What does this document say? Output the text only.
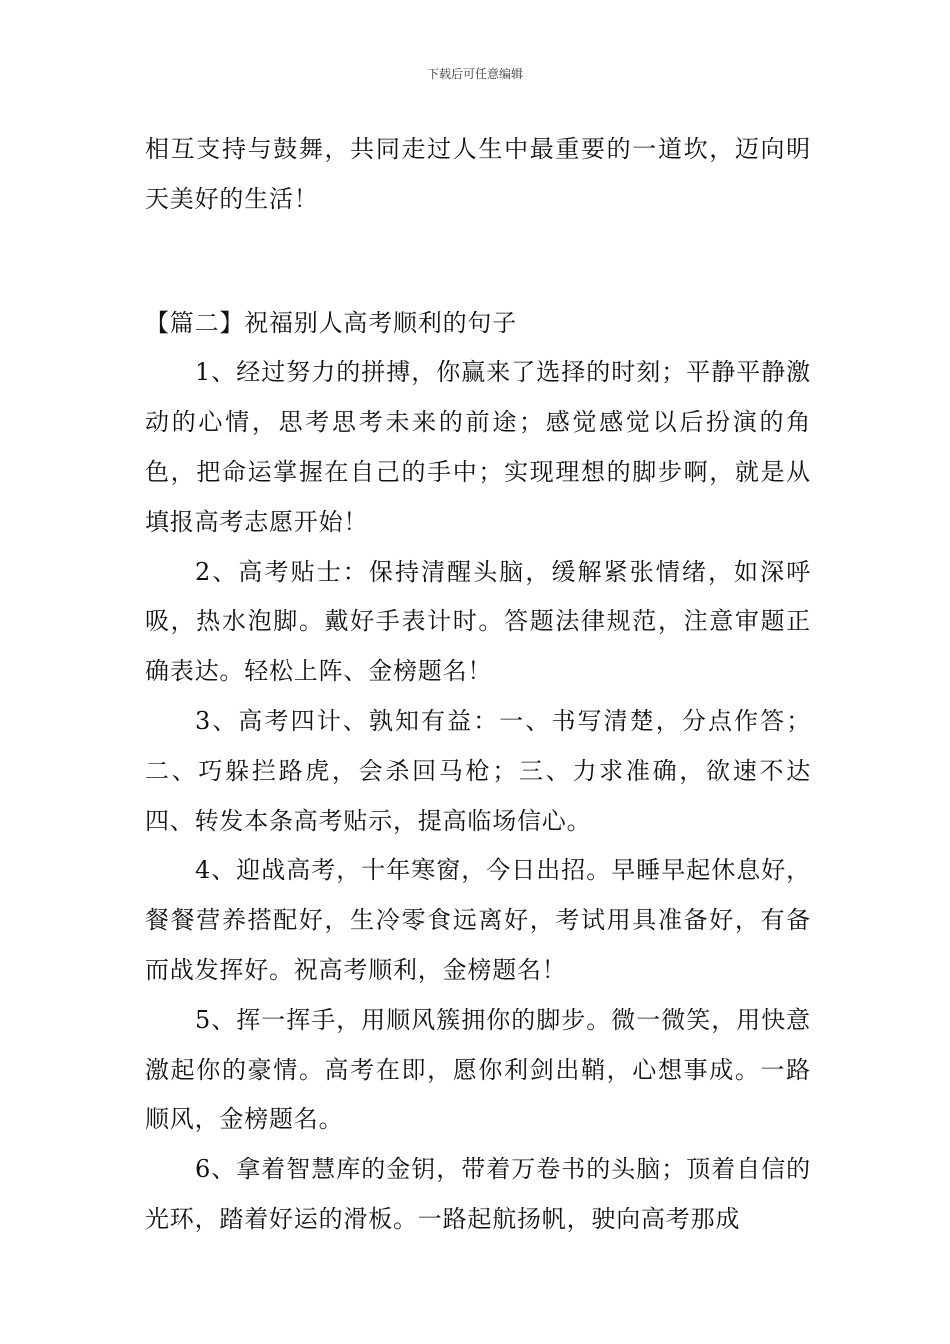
下载后可任意编辑

相互支持与鼓舞，共同走过人生中最重要的一道坎，迈向明天美好的生活！

【篇二】祝福别人高考顺利的句子

1、经过努力的拼搏，你赢来了选择的时刻；平静平静激动的心情，思考思考未来的前途；感觉感觉以后扮演的角色，把命运掌握在自己的手中；实现理想的脚步啊，就是从填报高考志愿开始！

2、高考贴士：保持清醒头脑，缓解紧张情绪，如深呼吸，热水泡脚。戴好手表计时。答题法律规范，注意审题正确表达。轻松上阵、金榜题名！

3、高考四计、孰知有益：一、书写清楚，分点作答；二、巧躲拦路虎，会杀回马枪；三、力求准确，欲速不达四、转发本条高考贴示，提高临场信心。

4、迎战高考，十年寒窗，今日出招。早睡早起休息好，餐餐营养搭配好，生冷零食远离好，考试用具准备好，有备而战发挥好。祝高考顺利，金榜题名！

5、挥一挥手，用顺风簇拥你的脚步。微一微笑，用快意激起你的豪情。高考在即，愿你利剑出鞘，心想事成。一路顺风，金榜题名。

6、拿着智慧库的金钥，带着万卷书的头脑；顶着自信的光环，踏着好运的滑板。一路起航扬帆，驶向高考那成
